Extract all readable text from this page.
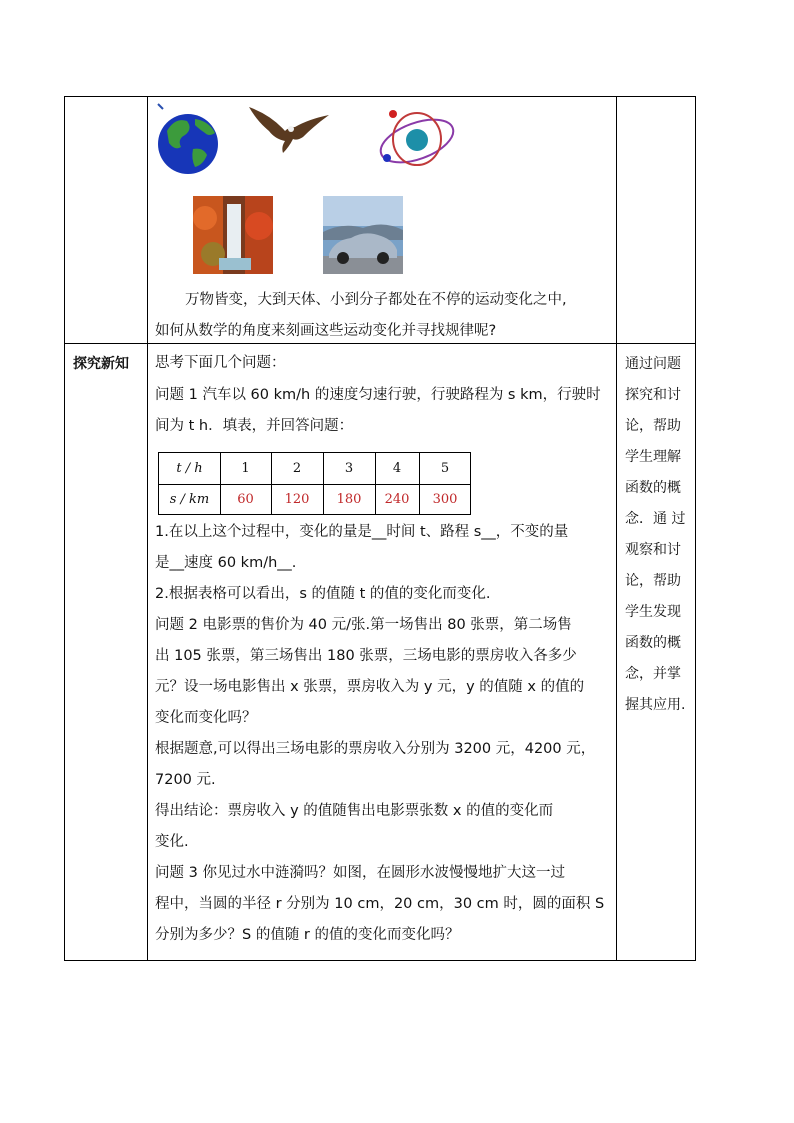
万物皆变，大到天体、小到分子都处在不停的运动变化之中,
如何从数学的角度来刻画这些运动变化并寻找规律呢?
探究新知 思考下面几个问题：
问题 1 汽车以 60 km/h 的速度匀速行驶，行驶路程为 s km，行驶时
间为 t h．填表，并回答问题：
t / h	1	2	3	4	5
s / km	60	120	180	240	300
1.在以上这个过程中，变化的量是__时间 t、路程 s__，不变的量
是__速度 60 km/h__.
2.根据表格可以看出，s 的值随 t 的值的变化而变化.
问题 2 电影票的售价为 40 元/张.第一场售出 80 张票，第二场售
出 105 张票，第三场售出 180 张票，三场电影的票房收入各多少
元？设一场电影售出 x 张票，票房收入为 y 元，y 的值随 x 的值的
变化而变化吗？
根据题意,可以得出三场电影的票房收入分别为 3200 元，4200 元，
7200 元.
得出结论：票房收入 y 的值随售出电影票张数 x 的值的变化而
变化.
问题 3 你见过水中涟漪吗？如图，在圆形水波慢慢地扩大这一过
程中，当圆的半径 r 分别为 10 cm，20 cm，30 cm 时，圆的面积 S
分别为多少？S 的值随 r 的值的变化而变化吗？
通过问题
探究和讨
论，帮助
学生理解
函数的概
念．通 过
观察和讨
论，帮助
学生发现
函数的概
念，并掌
握其应用.
